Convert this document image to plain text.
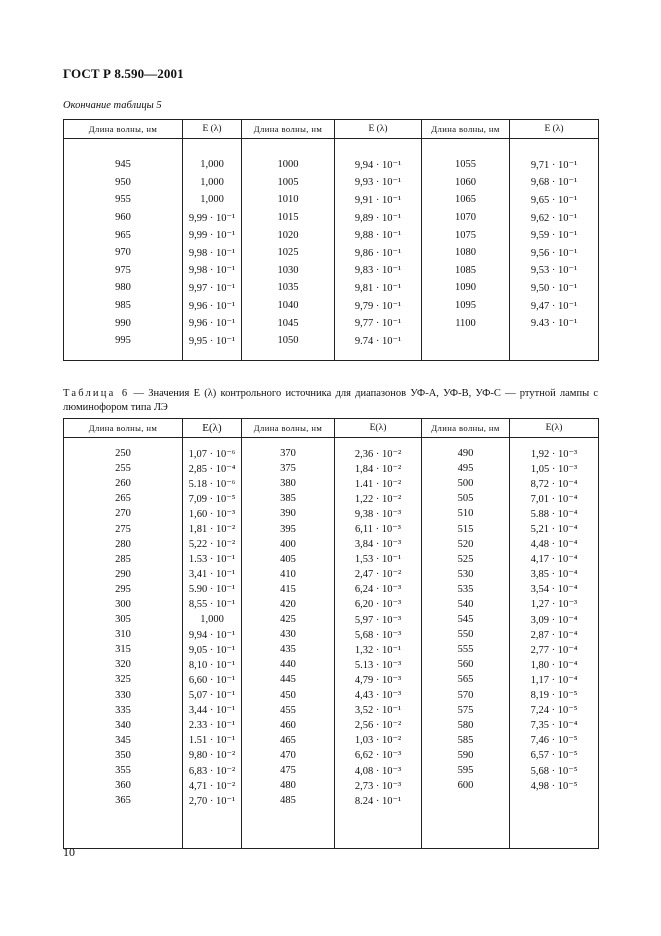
ГОСТ Р 8.590—2001
Окончание таблицы 5
Длина волны, нм	E (λ)	Длина волны, нм	E (λ)	Длина волны, нм	E (λ)

945	1,000	1000	9,94 · 10⁻¹	1055	9,71 · 10⁻¹
950	1,000	1005	9,93 · 10⁻¹	1060	9,68 · 10⁻¹
955	1,000	1010	9,91 · 10⁻¹	1065	9,65 · 10⁻¹
960	9,99 · 10⁻¹	1015	9,89 · 10⁻¹	1070	9,62 · 10⁻¹
965	9,99 · 10⁻¹	1020	9,88 · 10⁻¹	1075	9,59 · 10⁻¹
970	9,98 · 10⁻¹	1025	9,86 · 10⁻¹	1080	9,56 · 10⁻¹
975	9,98 · 10⁻¹	1030	9,83 · 10⁻¹	1085	9,53 · 10⁻¹
980	9,97 · 10⁻¹	1035	9,81 · 10⁻¹	1090	9,50 · 10⁻¹
985	9,96 · 10⁻¹	1040	9,79 · 10⁻¹	1095	9,47 · 10⁻¹
990	9,96 · 10⁻¹	1045	9,77 · 10⁻¹	1100	9.43 · 10⁻¹
995	9,95 · 10⁻¹	1050	9.74 · 10⁻¹		

Таблица 6 — Значения E (λ) контрольного источника для диапазонов УФ-А, УФ-В, УФ-С — ртутной лампы с люминофором типа ЛЭ
Длина волны, нм	E(λ)	Длина волны, нм	E(λ)	Длина волны, нм	E(λ)

250	1,07 · 10⁻⁶	370	2,36 · 10⁻²	490	1,92 · 10⁻³
255	2,85 · 10⁻⁴	375	1,84 · 10⁻²	495	1,05 · 10⁻³
260	5.18 · 10⁻⁶	380	1.41 · 10⁻²	500	8,72 · 10⁻⁴
265	7,09 · 10⁻⁵	385	1,22 · 10⁻²	505	7,01 · 10⁻⁴
270	1,60 · 10⁻³	390	9,38 · 10⁻³	510	5.88 · 10⁻⁴
275	1,81 · 10⁻²	395	6,11 · 10⁻³	515	5,21 · 10⁻⁴
280	5,22 · 10⁻²	400	3,84 · 10⁻³	520	4,48 · 10⁻⁴
285	1.53 · 10⁻¹	405	1,53 · 10⁻¹	525	4,17 · 10⁻⁴
290	3,41 · 10⁻¹	410	2,47 · 10⁻²	530	3,85 · 10⁻⁴
295	5.90 · 10⁻¹	415	6,24 · 10⁻³	535	3,54 · 10⁻⁴
300	8,55 · 10⁻¹	420	6,20 · 10⁻³	540	1,27 · 10⁻³
305	1,000	425	5,97 · 10⁻³	545	3,09 · 10⁻⁴
310	9,94 · 10⁻¹	430	5,68 · 10⁻³	550	2,87 · 10⁻⁴
315	9,05 · 10⁻¹	435	1,32 · 10⁻¹	555	2,77 · 10⁻⁴
320	8,10 · 10⁻¹	440	5.13 · 10⁻³	560	1,80 · 10⁻⁴
325	6,60 · 10⁻¹	445	4,79 · 10⁻³	565	1,17 · 10⁻⁴
330	5,07 · 10⁻¹	450	4,43 · 10⁻³	570	8,19 · 10⁻⁵
335	3,44 · 10⁻¹	455	3,52 · 10⁻¹	575	7,24 · 10⁻⁵
340	2.33 · 10⁻¹	460	2,56 · 10⁻²	580	7,35 · 10⁻⁴
345	1.51 · 10⁻¹	465	1,03 · 10⁻²	585	7,46 · 10⁻⁵
350	9,80 · 10⁻²	470	6,62 · 10⁻³	590	6,57 · 10⁻⁵
355	6,83 · 10⁻²	475	4,08 · 10⁻³	595	5,68 · 10⁻⁵
360	4,71 · 10⁻²	480	2,73 · 10⁻³	600	4,98 · 10⁻⁵
365	2,70 · 10⁻¹	485	8.24 · 10⁻¹		

10
